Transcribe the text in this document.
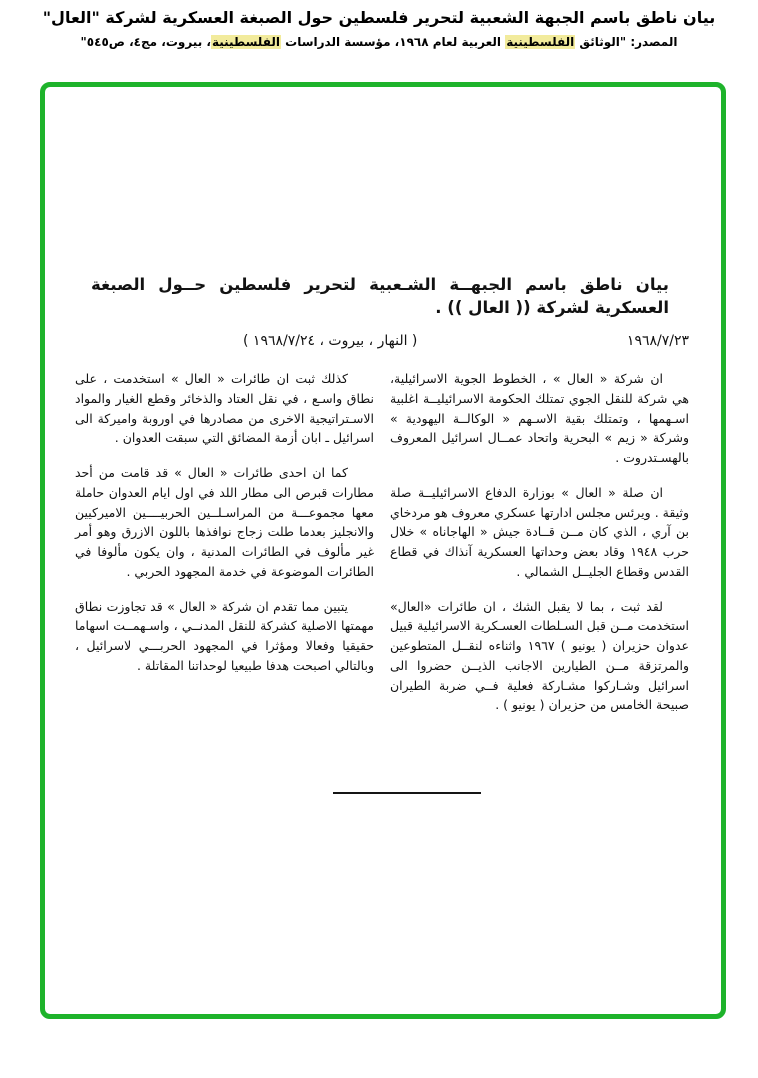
بيان ناطق باسم الجبهة الشعبية لتحرير فلسطين حول الصبغة العسكرية لشركة "العال"
المصدر: "الوثائق الفلسطينية العربية لعام ١٩٦٨، مؤسسة الدراسات الفلسطينية، بيروت، مج٤، ص٥٤٥"
بيان ناطق باسم الجبهــة الشـعبية لتحرير فلسطين حــول الصبغة العسكرية لشركة (( العال )) .
١٩٦٨/٧/٢٣
( النهار ، بيروت ، ١٩٦٨/٧/٢٤ )

ان شركة « العال » ، الخطوط الجوية الاسرائيلية، هي شركة للنقل الجوي تمتلك الحكومة الاسرائيليــة اغلبية اسـهمها ، وتمتلك بقية الاسـهم « الوكالــة اليهودية » وشركة « زيم » البحرية واتحاد عمــال اسرائيل المعروف بالهسـتدروت .

ان صلة « العال » بوزارة الدفاع الاسرائيليــة صلة وثيقة . ويرئس مجلس ادارتها عسكري معروف هو مردخاي بن آري ، الذي كان مــن قــادة جيش « الهاجاناه » خلال حرب ١٩٤٨ وقاد بعض وحداتها العسكرية آنذاك في قطاع القدس وقطاع الجليــل الشمالي .

لقد ثبت ، بما لا يقبل الشك ، ان طائرات «العال» استخدمت مــن قبل السـلطات العسـكرية الاسرائيلية قبيل عدوان حزيران ( يونيو ) ١٩٦٧ واثناءه لنقــل المتطوعين والمرتزقة مــن الطيارين الاجانب الذيــن حضروا الى اسرائيل وشـاركوا مشـاركة فعلية فــي ضربة الطيران صبيحة الخامس من حزيران ( يونيو ) .

كذلك ثبت ان طائرات « العال » استخدمت ، على نطاق واسـع ، في نقل العتاد والذخائر وقطع الغيار والمواد الاسـتراتيجية الاخرى من مصادرها في اوروبة واميركة الى اسرائيل ـ ابان أزمة المضائق التي سبقت العدوان .

كما ان احدى طائرات « العال » قد قامت من أحد مطارات قبرص الى مطار اللد في اول ايام العدوان حاملة معها مجموعـــة من المراسـلــين الحربيــــين الاميركيين والانجليز بعدما طلت زجاج نوافذها باللون الازرق وهو أمر غير مألوف في الطائرات المدنية ، وان يكون مألوفا في الطائرات الموضوعة في خدمة المجهود الحربي .

يتبين مما تقدم ان شركة « العال » قد تجاوزت نطاق مهمتها الاصلية كشركة للنقل المدنــي ، واسـهمــت اسهاما حقيقيا وفعالا ومؤثرا في المجهود الحربـــي لاسرائيل ، وبالتالي اصبحت هدفا طبيعيا لوحداتنا المقاتلة .
